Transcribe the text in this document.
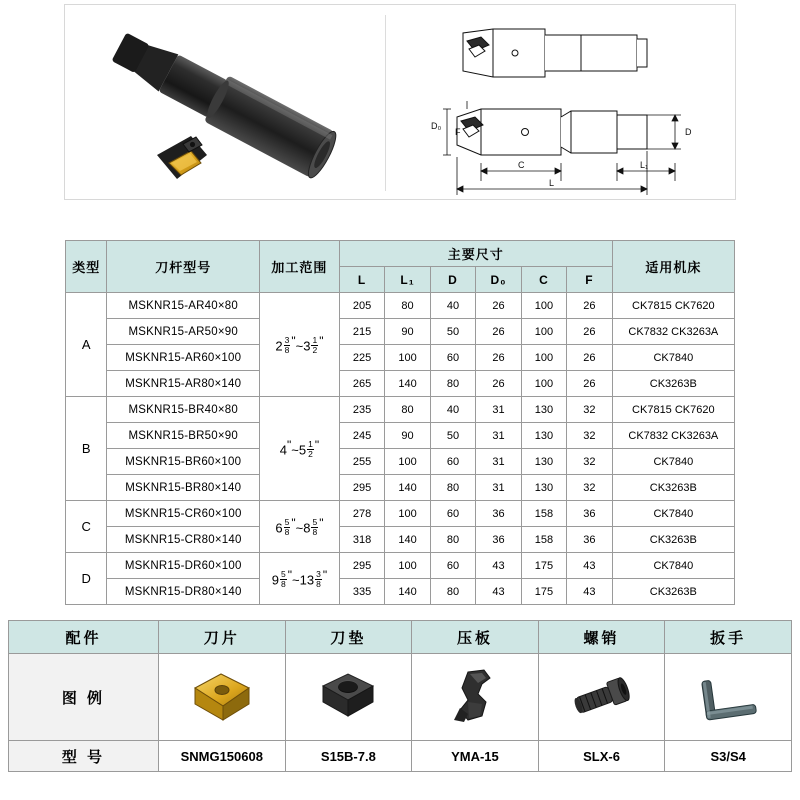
D₀
F	D
C	L₁
L
类型	刀杆型号	加工范围	主要尺寸						适用机床
			L	L₁	D	D₀	C	F	
A	MSKNR15-AR40×80	$2 \frac{3}{8}$ "~3 $\frac{1}{2}$ "	205	80	40	26	100	26	CK7815 CK7620
	MSKNR15-AR50×90		215	90	50	26	100	26	CK7832 CK3263A
	MSKNR15-AR60×100		225	100	60	26	100	26	CK7840
	MSKNR15-AR80×140		265	140	80	26	100	26	CK3263B
B	MSKNR15-BR40×80	4"~5 $\frac{1}{2}$ "	235	80	40	31	130	32	CK7815 CK7620
	MSKNR15-BR50×90		245	90	50	31	130	32	CK7832 CK3263A
	MSKNR15-BR60×100		255	100	60	31	130	32	CK7840
	MSKNR15-BR80×140		295	140	80	31	130	32	CK3263B
C	MSKNR15-CR60×100	$6 \frac{5}{8}$ "~8 $\frac{5}{8}$ "	278	100	60	36	158	36	CK7840
	MSKNR15-CR80×140		318	140	80	36	158	36	CK3263B
D	MSKNR15-DR60×100	$9 \frac{5}{8}$ "~13 $\frac{3}{8}$ "	295	100	60	43	175	43	CK7840
	MSKNR15-DR80×140		335	140	80	43	175	43	CK3263B
配件	刀片	刀垫	压板	螺销	扳手
图 例	

型 号	SNMG150608	S15B-7.8	YMA-15	SLX-6	S3/S4
